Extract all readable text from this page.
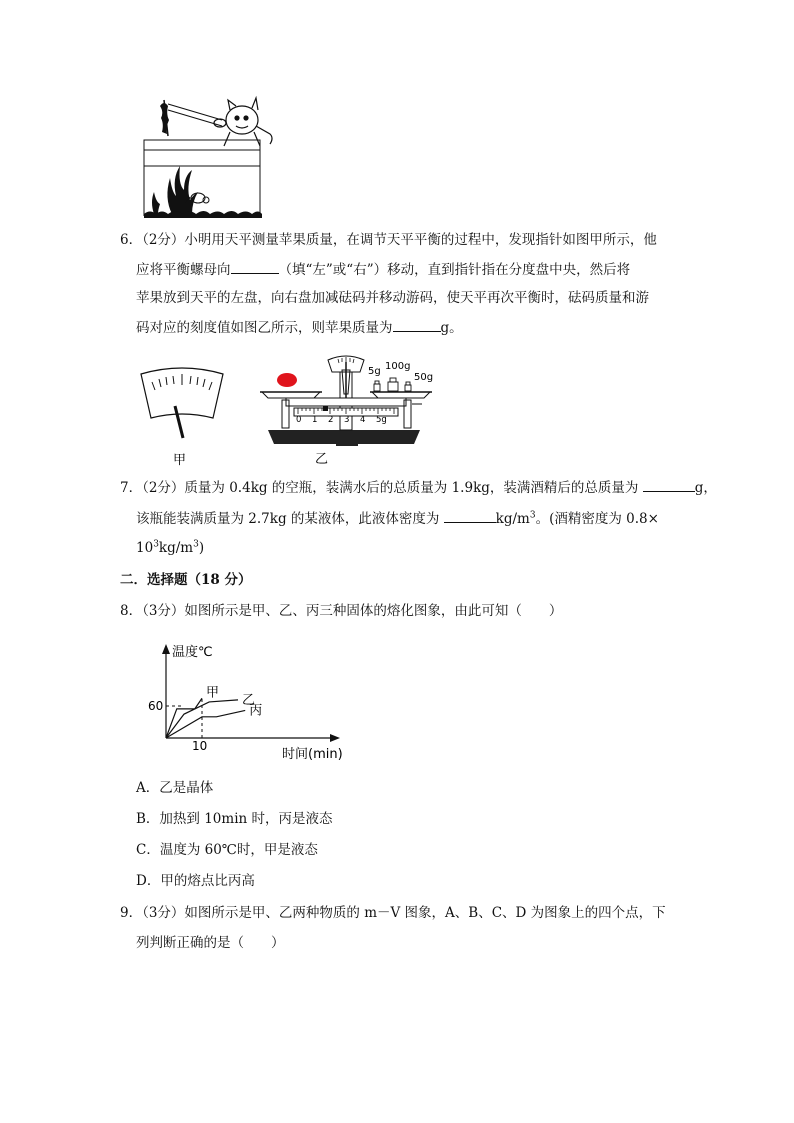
6．（2分）小明用天平测量苹果质量，在调节天平平衡的过程中，发现指针如图甲所示，他
应将平衡螺母向	（填“左”或“右”）移动，直到指针指在分度盘中央，然后将
苹果放到天平的左盘，向右盘加减砝码并移动游码，使天平再次平衡时，砝码质量和游
码对应的刻度值如图乙所示，则苹果质量为	g。
甲
5g 100g
50g
0 1 2 3 4 5g
乙
7．（2分）质量为 0.4kg 的空瓶，装满水后的总质量为 1.9kg，装满酒精后的总质量为	g，
该瓶能装满质量为 2.7kg 的某液体，此液体密度为	$kg/m^3$。(酒精密度为 0.8×
$10^3kg/m^3$)
二．选择题（18 分）
8．（3分）如图所示是甲、乙、丙三种固体的熔化图象，由此可知（　　）
温度℃
时间(min)
60
10
甲
乙
丙
A．乙是晶体
B．加热到 10min 时，丙是液态
C．温度为 60℃时，甲是液态
D．甲的熔点比丙高
9．（3分）如图所示是甲、乙两种物质的 m－V 图象，A、B、C、D 为图象上的四个点，下
列判断正确的是（　　）
